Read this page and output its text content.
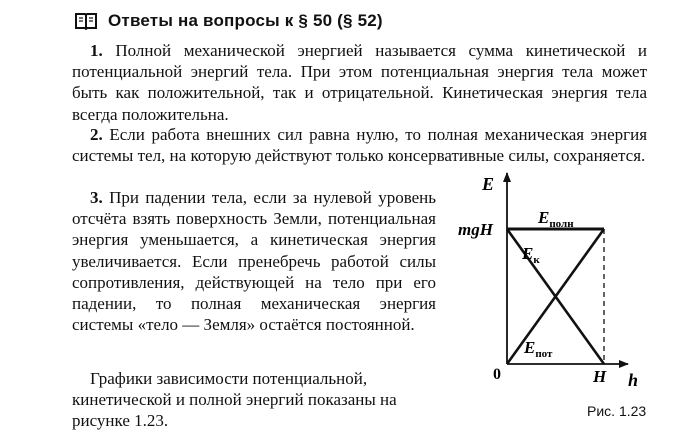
Ответы на вопросы к § 50 (§ 52)

1. Полной механической энергией называется сумма кинетической и потенциальной энергий тела. При этом потенциальная энергия тела может быть как положительной, так и отрицательной. Кинетическая энергия тела всегда положительна.

2. Если работа внешних сил равна нулю, то полная механическая энергия системы тел, на которую действуют только консервативные силы, сохраняется.

3. При падении тела, если за нулевой уровень отсчёта взять поверхность Земли, потенциальная энергия уменьшается, а кинетическая энергия увеличивается. Если пренебречь работой силы сопротивления, действующей на тело при его падении, то полная механическая энергия системы «тело — Земля» остаётся постоянной.

Графики зависимости потенциальной, кинетической и полной энергий показаны на рисунке 1.23.

E
h
0
mgH
H
$E_{полн}$
$E_к$
$E_{пот}$
Рис. 1.23
